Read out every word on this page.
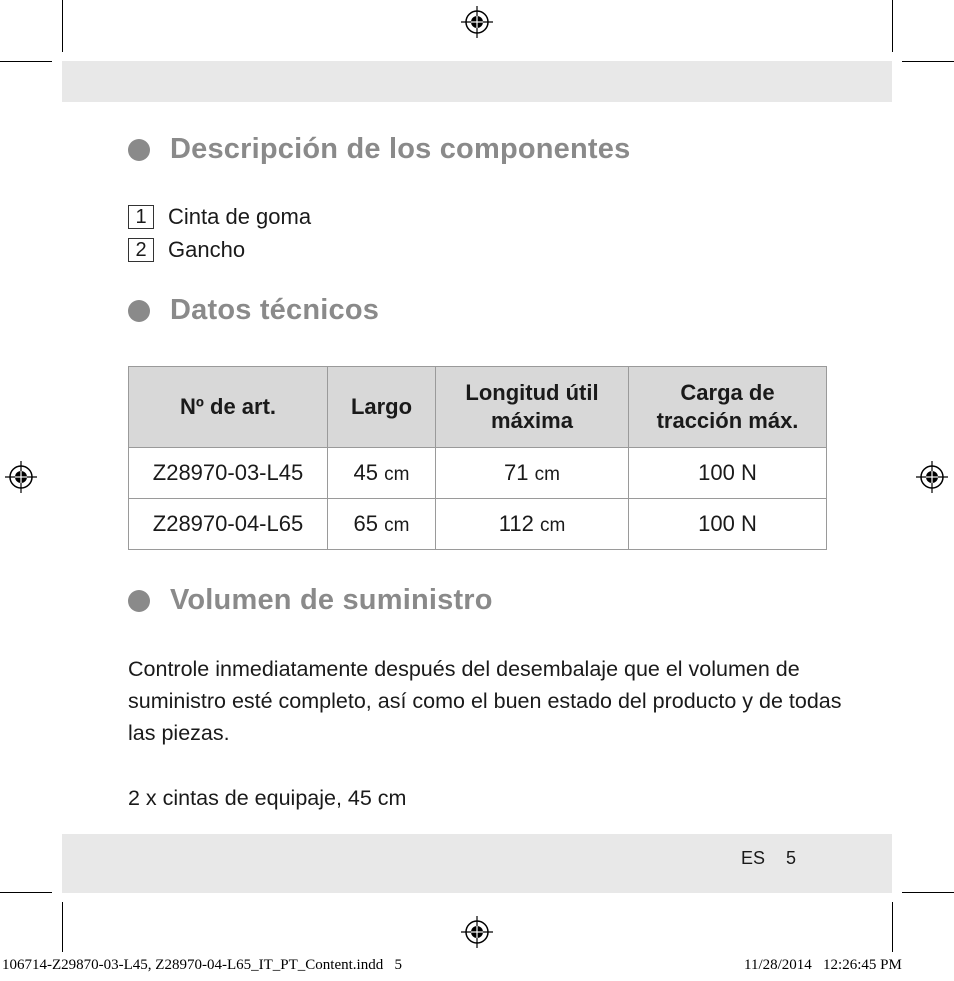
Descripción de los componentes
1 Cinta de goma
2 Gancho
Datos técnicos
Nº de art.	Largo	Longitud útil máxima	Carga de tracción máx.
Z28970-03-L45	45 cm	71 cm	100 N
Z28970-04-L65	65 cm	112 cm	100 N
Volumen de suministro
Controle inmediatamente después del desembalaje que el volumen de suministro esté completo, así como el buen estado del producto y de todas las piezas.
2 x cintas de equipaje, 45 cm
ES 5
106714-Z29870-03-L45, Z28970-04-L65_IT_PT_Content.indd   5	11/28/2014   12:26:45 PM
